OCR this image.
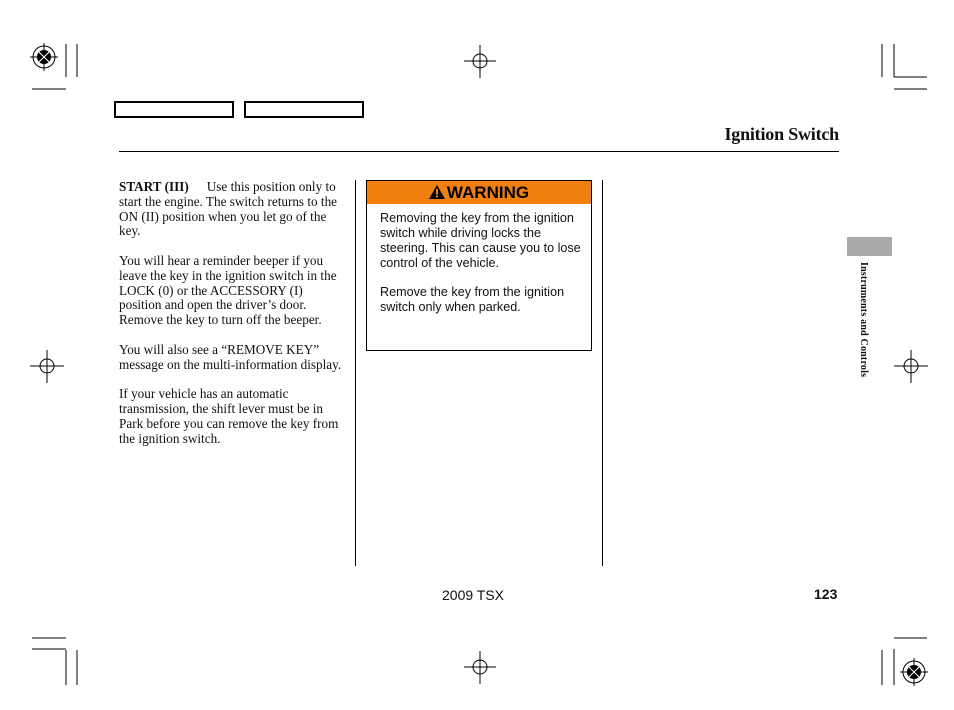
Ignition Switch

START (III) Use this position only to start the engine. The switch returns to the ON (II) position when you let go of the key.

You will hear a reminder beeper if you leave the key in the ignition switch in the LOCK (0) or the ACCESSORY (I) position and open the driver’s door. Remove the key to turn off the beeper.

You will also see a “REMOVE KEY” message on the multi-information display.

If your vehicle has an automatic transmission, the shift lever must be in Park before you can remove the key from the ignition switch.

WARNING

Removing the key from the ignition switch while driving locks the steering. This can cause you to lose control of the vehicle.

Remove the key from the ignition switch only when parked.	Instruments and Controls
2009 TSX	123
